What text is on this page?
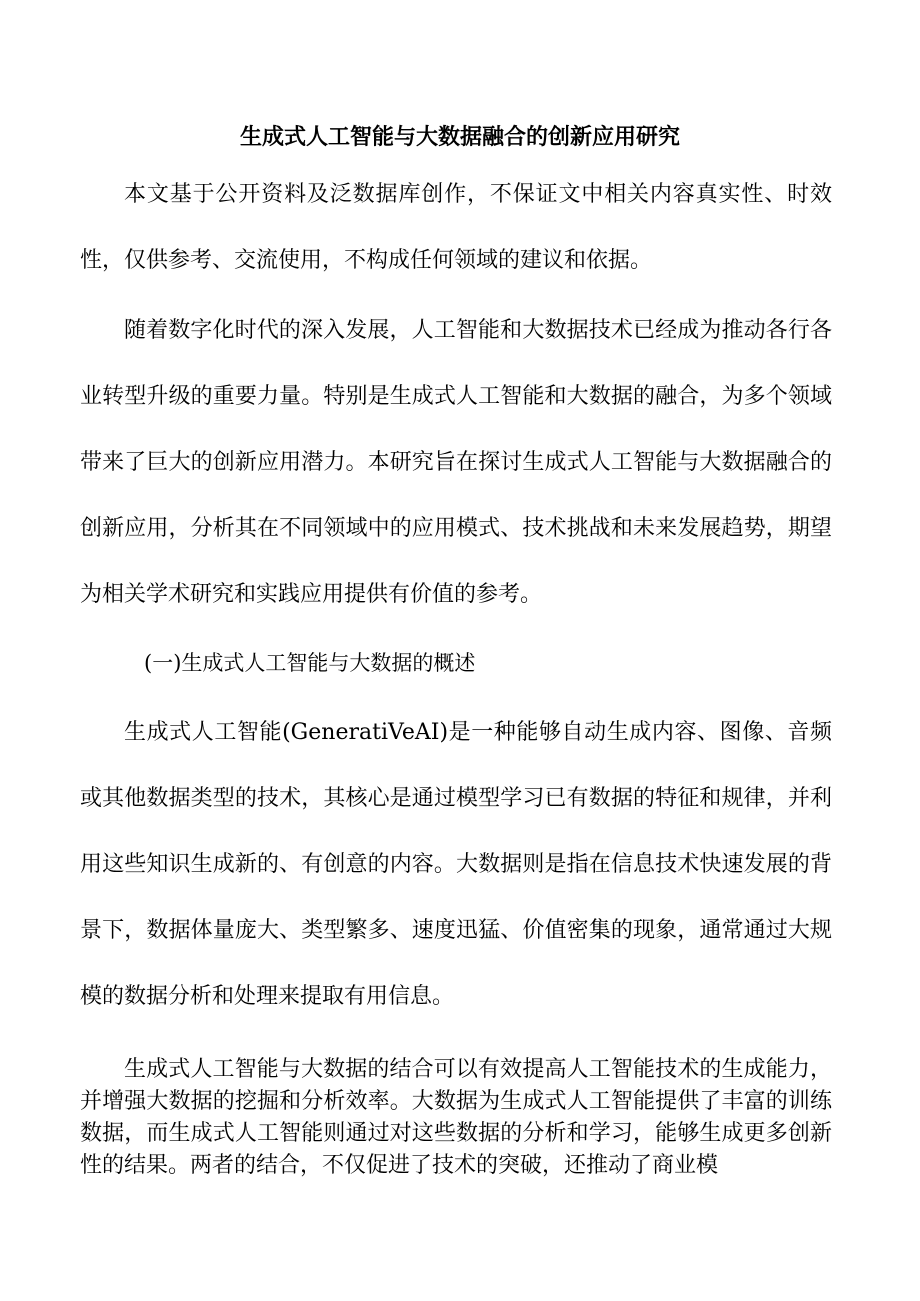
生成式人工智能与大数据融合的创新应用研究

本文基于公开资料及泛数据库创作，不保证文中相关内容真实性、时效性，仅供参考、交流使用，不构成任何领域的建议和依据。

随着数字化时代的深入发展，人工智能和大数据技术已经成为推动各行各业转型升级的重要力量。特别是生成式人工智能和大数据的融合，为多个领域带来了巨大的创新应用潜力。本研究旨在探讨生成式人工智能与大数据融合的创新应用，分析其在不同领域中的应用模式、技术挑战和未来发展趋势，期望为相关学术研究和实践应用提供有价值的参考。

(一)生成式人工智能与大数据的概述

生成式人工智能(GeneratiVeAI)是一种能够自动生成内容、图像、音频或其他数据类型的技术，其核心是通过模型学习已有数据的特征和规律，并利用这些知识生成新的、有创意的内容。大数据则是指在信息技术快速发展的背景下，数据体量庞大、类型繁多、速度迅猛、价值密集的现象，通常通过大规模的数据分析和处理来提取有用信息。

生成式人工智能与大数据的结合可以有效提高人工智能技术的生成能力，并增强大数据的挖掘和分析效率。大数据为生成式人工智能提供了丰富的训练数据，而生成式人工智能则通过对这些数据的分析和学习，能够生成更多创新性的结果。两者的结合，不仅促进了技术的突破，还推动了商业模
